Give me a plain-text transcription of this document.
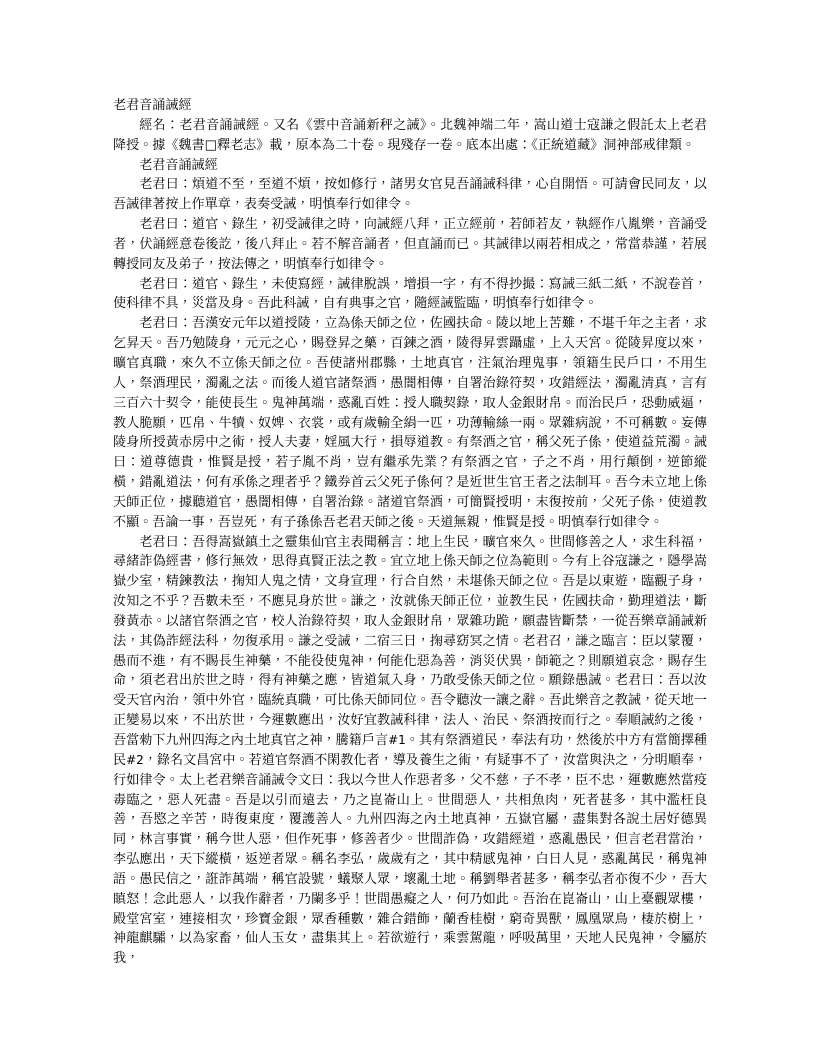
老君音誦誡經

經名：老君音誦誡經。又名《雲中音誦新秤之誡》。北魏神端二年，嵩山道士寇謙之假託太上老君降授。據《魏書□釋老志》載，原本為二十卷。現殘存一卷。底本出處：《正統道藏》洞神部戒律類。

老君音誦誡經

老君曰：煩道不至，至道不煩，按如修行，諸男女官見吾誦誡科律，心自開悟。可請會民同友，以吾誡律著按上作單章，表奏受誡，明慎奉行如律令。

老君曰：道官、錄生，初受誡律之時，向誡經八拜，正立經前，若師若友，執經作八胤樂，音誦受者，伏誦經意卷後訖，後八拜止。若不解音誦者，但直誦而已。其誡律以兩若相成之，常當恭謹，若展轉授同友及弟子，按法傳之，明慎奉行如律令。

老君曰：道官、錄生，未使寫經，誡律脫誤，增損一字，有不得抄撮：寫誡三紙二紙，不說卷首，使科律不具，災當及身。吾此科誡，自有典事之官，隨經誡監臨，明慎奉行如律令。

老君曰：吾漢安元年以道授陵，立為係天師之位，佐國扶命。陵以地上苦難，不堪千年之主者，求乞昇天。吾乃勉陵身，元元之心，賜登昇之藥，百鍊之酒，陵得昇雲躡虛，上入天宮。從陵昇度以來，曠官真職，來久不立係天師之位。吾使諸州郡縣，土地真官，注氣治理鬼事，領籍生民戶口，不用生人，祭酒理民，濁亂之法。而後人道官諸祭酒，愚闇相傳，自署治錄符契，攻錯經法，濁亂清真，言有三百六十契令，能使長生。鬼神萬端，惑亂百姓：授人職契錄，取人金銀財帛。而治民戶，恐動威逼，教人脆願，匹帛、牛犢、奴婢、衣裳，或有歲輸全絹一匹，功薄輸絲一兩。眾雜病說，不可稱數。妄傳陵身所授黃赤房中之術，授人夫妻，婬風大行，損辱道教。有祭酒之官，稱父死子係，使道益荒濁。誡曰：道尊德貴，惟賢是授，若子胤不肖，豈有繼承先業？有祭酒之官，子之不肖，用行顛倒，逆節縱橫，錯亂道法，何有承係之理者乎？鐵券首云父死子係何？是近世生官王者之法制耳。吾今未立地上係天師正位，據聽道官，愚闇相傳，自署治錄。諸道官祭酒，可簡賢授明，末復按前，父死子係，使道教不顯。吾論一事，吾豈死，有子孫係吾老君天師之後。天道無親，惟賢是授。明慎奉行如律令。

老君曰：吾得嵩嶽鎮土之靈集仙官主表聞稱言：地上生民，曠官來久。世間修善之人，求生科福，尋緒詐偽經書，修行無效，思得真賢正法之教。宜立地上係天師之位為範則。今有上谷寇謙之，隱學嵩嶽少室，精鍊教法，掬知人鬼之情，文身宣理，行合自然，未堪係天師之位。吾是以東遊，臨觀子身，汝知之不乎？吾數未至，不應見身於世。謙之，汝就係天師正位，並教生民，佐國扶命，勤理道法，斷發黃赤。以諸官祭酒之官，校人治錄符契，取人金銀財帛，眾雜功跪，願盡皆斷禁，一從吾樂章誦誡新法，其偽詐經法科，勿復承用。謙之受誡，二宿三日，掬尋窈冥之情。老君召，謙之臨言：臣以蒙覆，愚而不進，有不賜長生神藥，不能役使鬼神，何能化惡為善，消災伏異，師範之？則願道哀念，賜存生命，須老君出於世之時，得有神藥之應，皆道氣入身，乃敢受係天師之位。願錄愚誡。老君曰：吾以汝受天官內治，領中外官，臨統真職，可比係天師同位。吾令聽汝一讓之辭。吾此樂音之教誡，從天地一正變易以來，不出於世，今運數應出，汝好宜教誡科律，法人、治民、祭酒按而行之。奉順誡約之後，吾當勑下九州四海之內土地真官之神，騰籍戶言#1。其有祭酒道民，奉法有功，然後於中方有當簡擇種民#2，錄名文昌宮中。若道官祭酒不閑教化者，導及養生之術，有疑事不了，汝當與決之，分明順奉，行如律令。太上老君樂音誦誡令文曰：我以今世人作惡者多，父不慈，子不孝，臣不忠，運數應然當疫毒臨之，惡人死盡。吾是以引而遠去，乃之崑崙山上。世間惡人，共相魚肉，死者甚多，其中濫枉良善，吾愍之辛苦，時復東度，覆護善人。九州四海之內土地真神，五嶽官屬，盡集對各說土居好德異同，林言事實，稱今世人惡，但作死事，修善者少。世間詐偽，攻錯經道，惑亂愚民，但言老君當治，李弘應出，天下縱橫，返逆者眾。稱名李弘，歲歲有之，其中精感鬼神，白日人見，惑亂萬民，稱鬼神語。愚民信之，誑詐萬端，稱官設號，蟻聚人眾，壞亂土地。稱劉舉者甚多，稱李弘者亦復不少，吾大瞋怒！念此惡人，以我作辭者，乃闌多乎！世間愚癡之人，何乃如此。吾治在崑崙山，山上臺觀眾樓，殿堂宮室，連接相次，珍寶金銀，眾香種數，雜合錯飾，蘭香桂樹，窮奇異獸，鳳凰眾鳥，棲於樹上，神龍麒驦，以為家畜，仙人玉女，盡集其上。若欲遊行，乘雲駕龍，呼吸萬里，天地人民鬼神，令屬於我，
